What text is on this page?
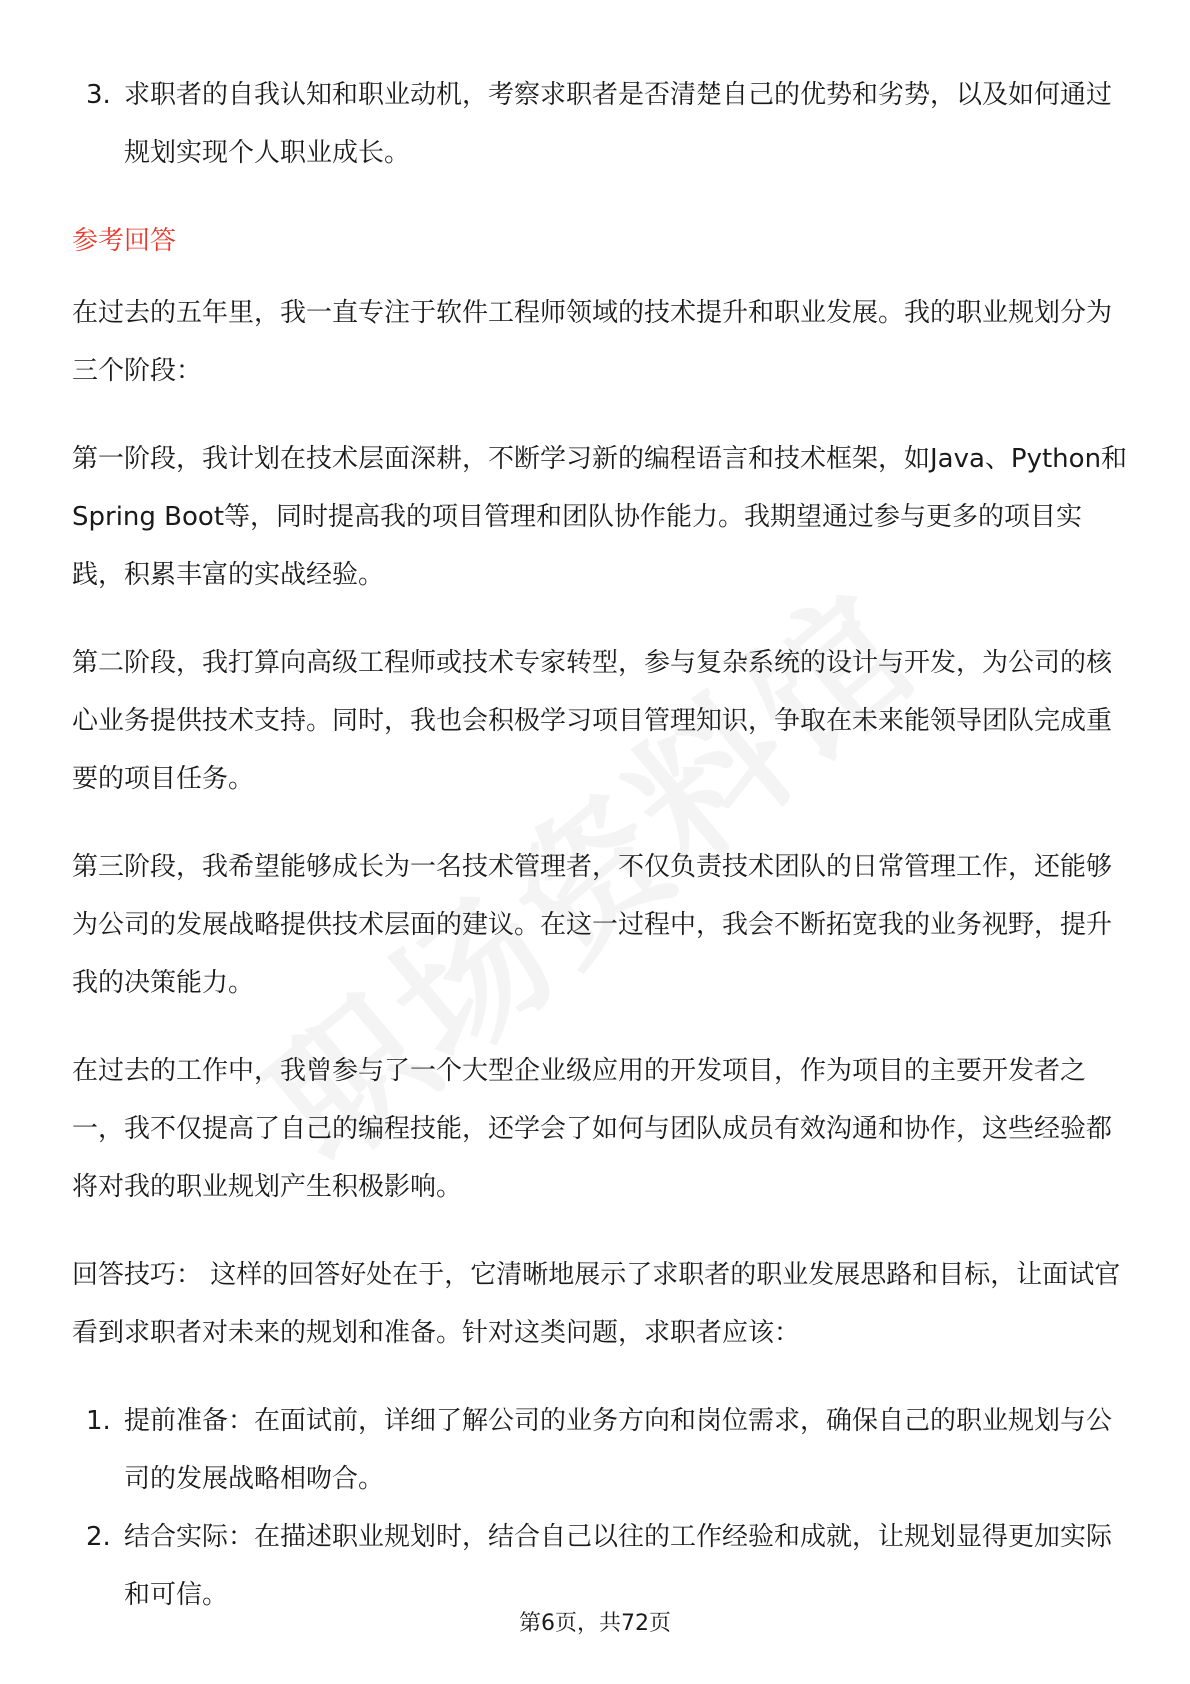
3. 求职者的自我认知和职业动机，考察求职者是否清楚自己的优势和劣势，以及如何通过规划实现个人职业成长。

参考回答

在过去的五年里，我一直专注于软件工程师领域的技术提升和职业发展。我的职业规划分为三个阶段：

第一阶段，我计划在技术层面深耕，不断学习新的编程语言和技术框架，如Java、Python和Spring Boot等，同时提高我的项目管理和团队协作能力。我期望通过参与更多的项目实践，积累丰富的实战经验。

第二阶段，我打算向高级工程师或技术专家转型，参与复杂系统的设计与开发，为公司的核心业务提供技术支持。同时，我也会积极学习项目管理知识，争取在未来能领导团队完成重要的项目任务。

第三阶段，我希望能够成长为一名技术管理者，不仅负责技术团队的日常管理工作，还能够为公司的发展战略提供技术层面的建议。在这一过程中，我会不断拓宽我的业务视野，提升我的决策能力。

在过去的工作中，我曾参与了一个大型企业级应用的开发项目，作为项目的主要开发者之一，我不仅提高了自己的编程技能，还学会了如何与团队成员有效沟通和协作，这些经验都将对我的职业规划产生积极影响。

回答技巧： 这样的回答好处在于，它清晰地展示了求职者的职业发展思路和目标，让面试官看到求职者对未来的规划和准备。针对这类问题，求职者应该：

1. 提前准备：在面试前，详细了解公司的业务方向和岗位需求，确保自己的职业规划与公司的发展战略相吻合。
2. 结合实际：在描述职业规划时，结合自己以往的工作经验和成就，让规划显得更加实际和可信。
第6页，共72页
